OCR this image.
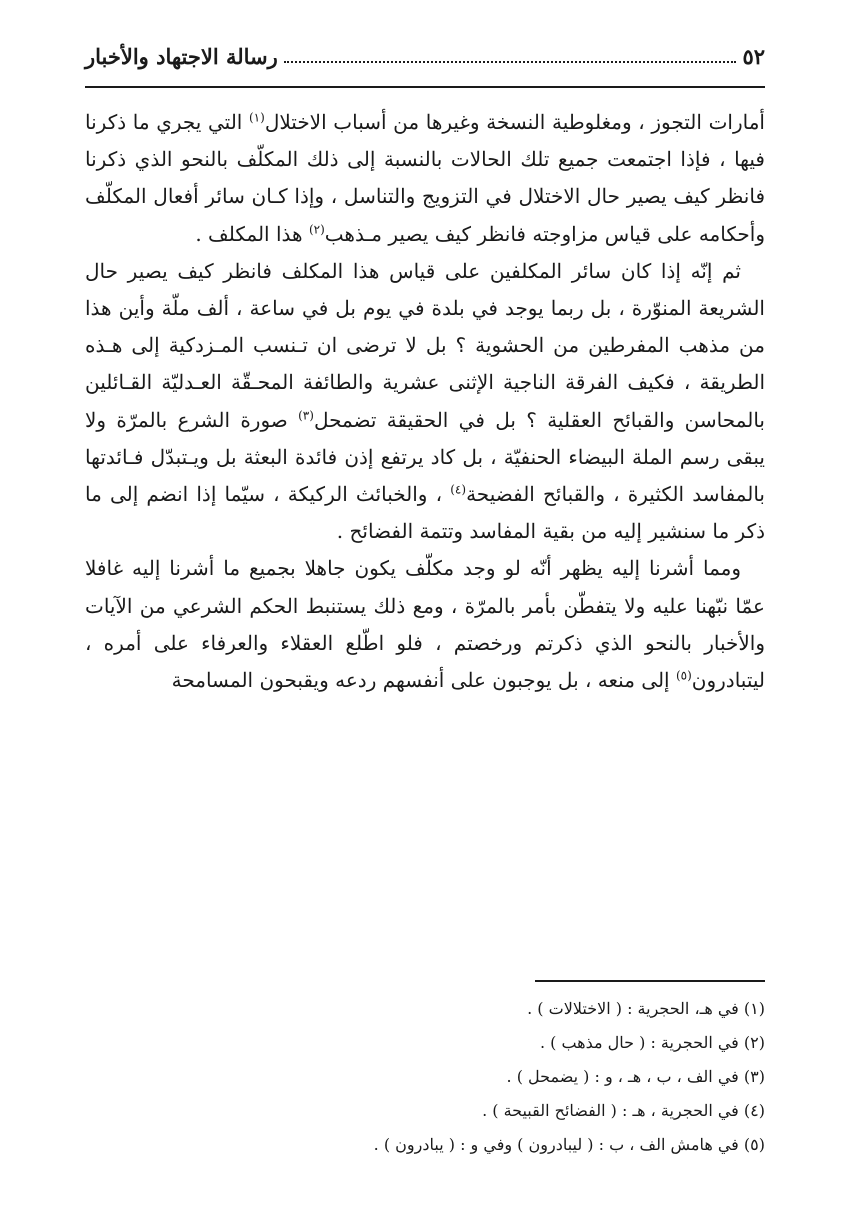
٥٢
رسالة الاجتهاد والأخبار

أمارات التجوز ، ومغلوطية النسخة وغيرها من أسباب الاختلال$^{(١)}$ التي يجري ما ذكرنا فيها ، فإذا اجتمعت جميع تلك الحالات بالنسبة إلى ذلك المكلّف بالنحو الذي ذكرنا فانظر كيف يصير حال الاختلال في التزويج والتناسل ، وإذا كـان سائر أفعال المكلّف وأحكامه على قياس مزاوجته فانظر كيف يصير مـذهب$^{(٢)}$ هذا المكلف .

ثم إنّه إذا كان سائر المكلفين على قياس هذا المكلف فانظر كيف يصير حال الشريعة المنوّرة ، بل ربما يوجد في بلدة في يوم بل في ساعة ، ألف ملّة وأين هذا من مذهب المفرطين من الحشوية ؟ بل لا ترضى ان تـنسب المـزدكية إلى هـذه الطريقة ، فكيف الفرقة الناجية الإثنى عشرية والطائفة المحـقّة العـدليّة القـائلين بالمحاسن والقبائح العقلية ؟ بل في الحقيقة تضمحل$^{(٣)}$ صورة الشرع بالمرّة ولا يبقى رسم الملة البيضاء الحنفيّة ، بل كاد يرتفع إذن فائدة البعثة بل ويـتبدّل فـائدتها بالمفاسد الكثيرة ، والقبائح الفضيحة$^{(٤)}$ ، والخبائث الركيكة ، سيّما إذا انضم إلى ما ذكر ما سنشير إليه من بقية المفاسد وتتمة الفضائح .

ومما أشرنا إليه يظهر أنّه لو وجد مكلّف يكون جاهلا بجميع ما أشرنا إليه غافلا عمّا نبّهنا عليه ولا يتفطّن بأمر بالمرّة ، ومع ذلك يستنبط الحكم الشرعي من الآيات والأخبار بالنحو الذي ذكرتم ورخصتم ، فلو اطّلع العقلاء والعرفاء على أمره ، ليتبادرون$^{(٥)}$ إلى منعه ، بل يوجبون على أنفسهم ردعه ويقبحون المسامحة

(١) في هـ، الحجرية : ( الاختلالات ) .
(٢) في الحجرية : ( حال مذهب ) .
(٣) في الف ، ب ، هـ ، و : ( يضمحل ) .
(٤) في الحجرية ، هـ : ( الفضائح القبيحة ) .
(٥) في هامش الف ، ب : ( ليبادرون ) وفي و : ( يبادرون ) .
